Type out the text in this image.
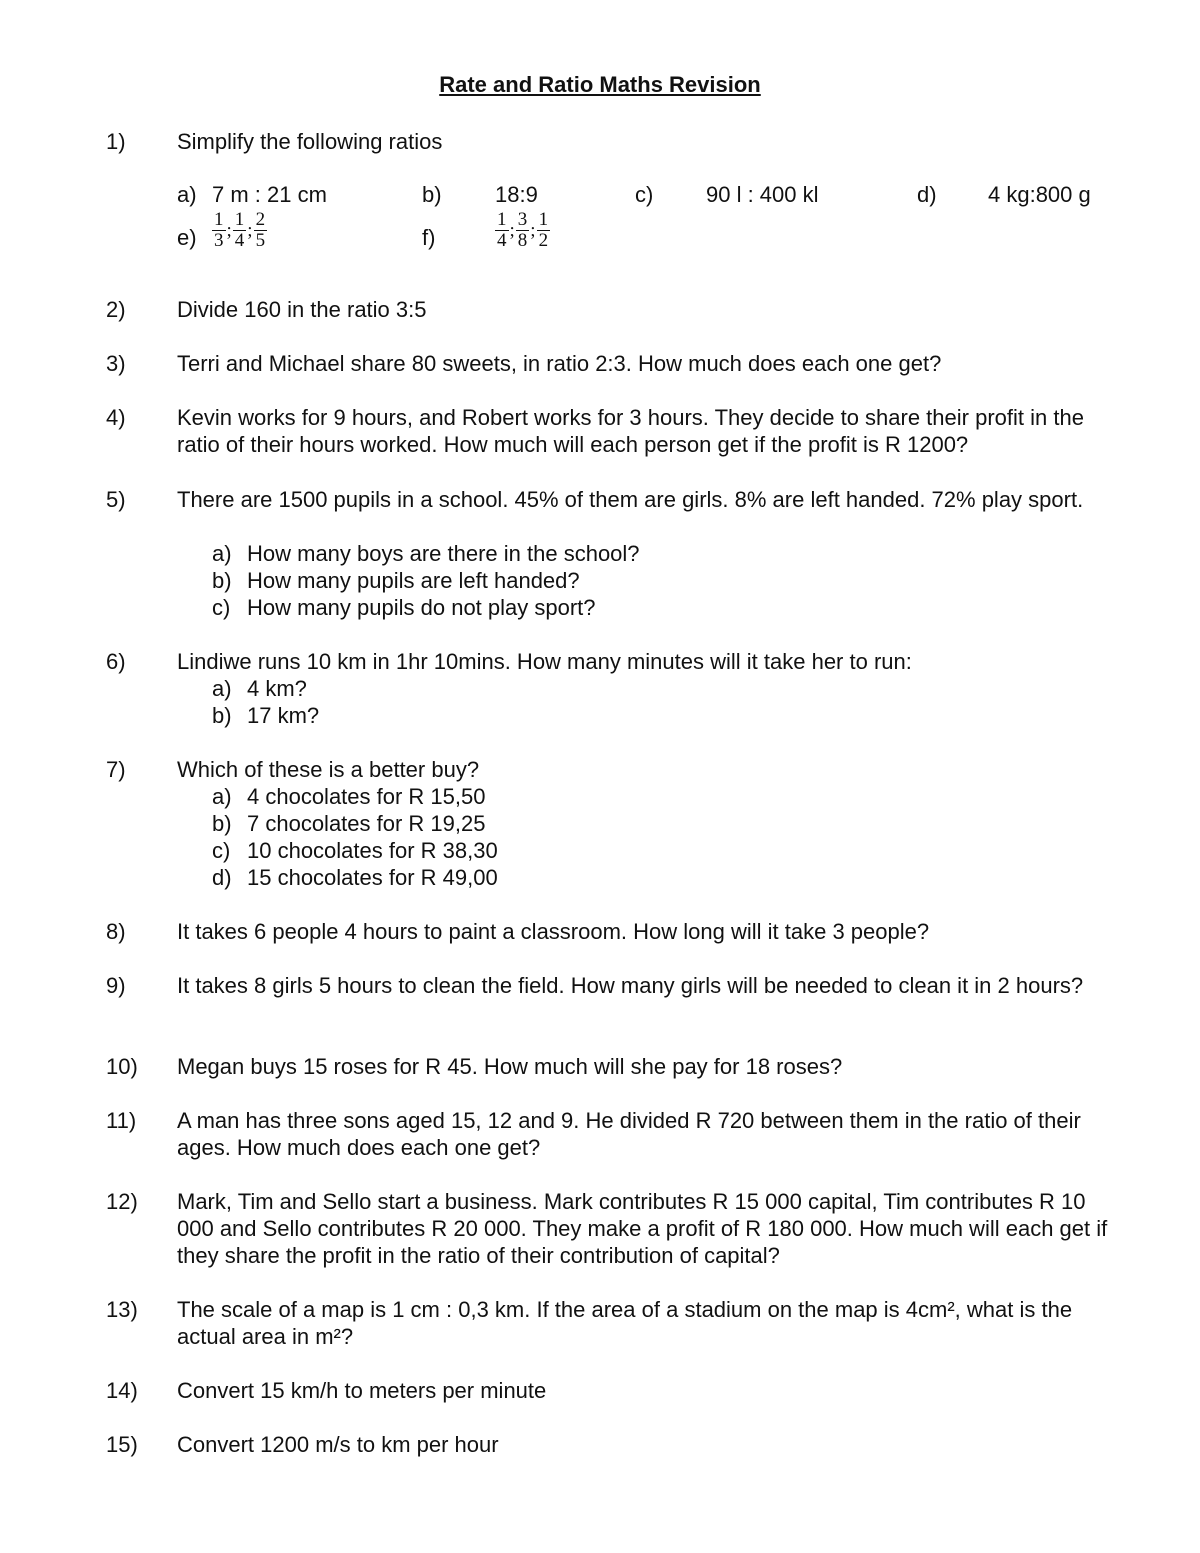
Rate and Ratio Maths Revision
1) Simplify the following ratios
a) 7 m : 21 cm	b) 18:9	c) 90 l : 400 kl	d) 4 kg:800 g
$e) \frac{1}{3}$ ; $\frac{1}{4}$ ; $\frac{2}{5}$	f)	$\frac{1}{4}$ ; $\frac{3}{8}$ ; $\frac{1}{2}$
2) Divide 160 in the ratio 3:5
3) Terri and Michael share 80 sweets, in ratio 2:3. How much does each one get?
4) Kevin works for 9 hours, and Robert works for 3 hours. They decide to share their profit in the ratio of their hours worked. How much will each person get if the profit is R 1200?
5) There are 1500 pupils in a school. 45% of them are girls. 8% are left handed. 72% play sport.
a) How many boys are there in the school?
b) How many pupils are left handed?
c) How many pupils do not play sport?
6) Lindiwe runs 10 km in 1hr 10mins. How many minutes will it take her to run:
a) 4 km?
b) 17 km?
7) Which of these is a better buy?
a) 4 chocolates for R 15,50
b) 7 chocolates for R 19,25
c) 10 chocolates for R 38,30
d) 15 chocolates for R 49,00
8) It takes 6 people 4 hours to paint a classroom. How long will it take 3 people?
9) It takes 8 girls 5 hours to clean the field. How many girls will be needed to clean it in 2 hours?
10) Megan buys 15 roses for R 45. How much will she pay for 18 roses?
11) A man has three sons aged 15, 12 and 9. He divided R 720 between them in the ratio of their ages. How much does each one get?
12) Mark, Tim and Sello start a business. Mark contributes R 15 000 capital, Tim contributes R 10 000 and Sello contributes R 20 000. They make a profit of R 180 000. How much will each get if they share the profit in the ratio of their contribution of capital?
13) The scale of a map is 1 cm : 0,3 km. If the area of a stadium on the map is 4cm², what is the actual area in m²?
14) Convert 15 km/h to meters per minute
15) Convert 1200 m/s to km per hour
